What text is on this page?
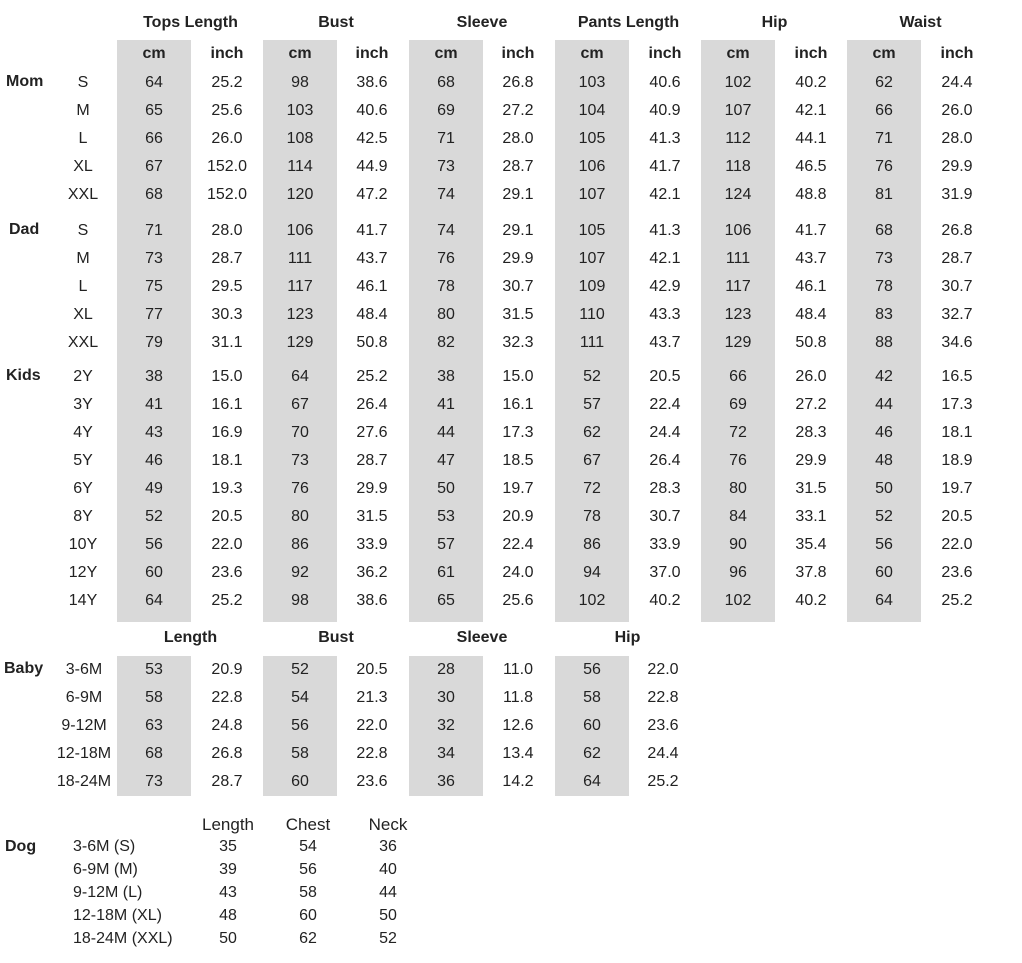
Tops Length	Bust	Sleeve	Pants Length	Hip	Waist
cm	inch	cm	inch	cm	inch	cm	inch	cm	inch	cm	inch
Mom	S	64	25.2	98	38.6	68	26.8	103	40.6	102	40.2	62	24.4
M	65	25.6	103	40.6	69	27.2	104	40.9	107	42.1	66	26.0
L	66	26.0	108	42.5	71	28.0	105	41.3	112	44.1	71	28.0
XL	67	152.0	114	44.9	73	28.7	106	41.7	118	46.5	76	29.9
XXL	68	152.0	120	47.2	74	29.1	107	42.1	124	48.8	81	31.9
Dad	S	71	28.0	106	41.7	74	29.1	105	41.3	106	41.7	68	26.8
M	73	28.7	111	43.7	76	29.9	107	42.1	111	43.7	73	28.7
L	75	29.5	117	46.1	78	30.7	109	42.9	117	46.1	78	30.7
XL	77	30.3	123	48.4	80	31.5	110	43.3	123	48.4	83	32.7
XXL	79	31.1	129	50.8	82	32.3	111	43.7	129	50.8	88	34.6
Kids	2Y	38	15.0	64	25.2	38	15.0	52	20.5	66	26.0	42	16.5
3Y	41	16.1	67	26.4	41	16.1	57	22.4	69	27.2	44	17.3
4Y	43	16.9	70	27.6	44	17.3	62	24.4	72	28.3	46	18.1
5Y	46	18.1	73	28.7	47	18.5	67	26.4	76	29.9	48	18.9
6Y	49	19.3	76	29.9	50	19.7	72	28.3	80	31.5	50	19.7
8Y	52	20.5	80	31.5	53	20.9	78	30.7	84	33.1	52	20.5
10Y	56	22.0	86	33.9	57	22.4	86	33.9	90	35.4	56	22.0
12Y	60	23.6	92	36.2	61	24.0	94	37.0	96	37.8	60	23.6
14Y	64	25.2	98	38.6	65	25.6	102	40.2	102	40.2	64	25.2
Length	Bust	Sleeve	Hip
Baby	3-6M	53	20.9	52	20.5	28	11.0	56	22.0
6-9M	58	22.8	54	21.3	30	11.8	58	22.8
9-12M	63	24.8	56	22.0	32	12.6	60	23.6
12-18M	68	26.8	58	22.8	34	13.4	62	24.4
18-24M	73	28.7	60	23.6	36	14.2	64	25.2
Length	Chest	Neck
Dog 3-6M (S)	35	54	36
6-9M (M)	39	56	40
9-12M (L)	43	58	44
12-18M (XL)	48	60	50
18-24M (XXL)	50	62	52
